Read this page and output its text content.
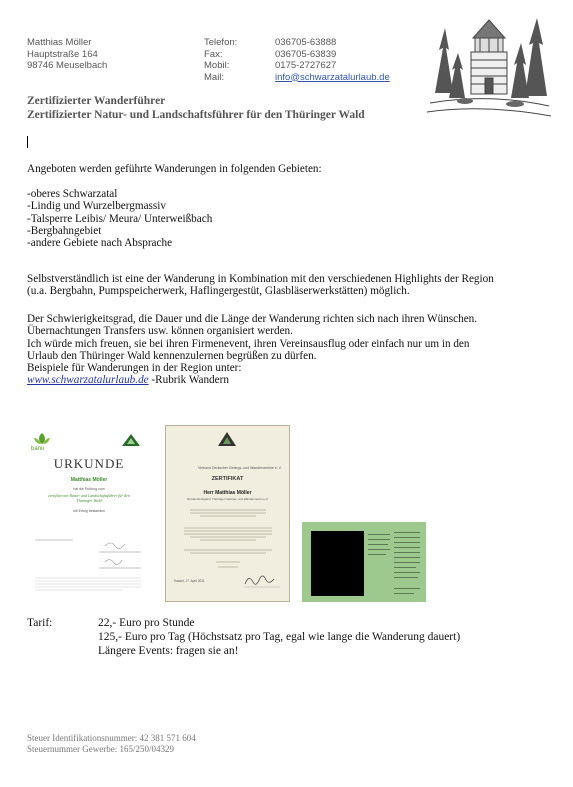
Matthias Möller
Hauptstraße 164
98746 Meuselbach
Telefon:
Fax:
Mobil:
Mail:
036705-63888
036705-63839
0175-2727627
info@schwarzatalurlaub.de
Zertifizierter Wanderführer
Zertifizierter Natur- und Landschaftsführer für den Thüringer Wald
Angeboten werden geführte Wanderungen in folgenden Gebieten:

-oberes Schwarzatal

-Lindig und Wurzelbergmassiv

-Talsperre Leibis/ Meura/ Unterweißbach

-Bergbahngebiet

-andere Gebiete nach Absprache

Selbstverständlich ist eine der Wanderung in Kombination mit den verschiedenen Highlights der Region

(u.a. Bergbahn, Pumpspeicherwerk, Haflingergestüt, Glasbläserwerkstätten) möglich.

Der Schwierigkeitsgrad, die Dauer und die Länge der Wanderung richten sich nach ihren Wünschen.

Übernachtungen Transfers usw. können organisiert werden.

Ich würde mich freuen, sie bei ihren Firmenevent, ihren Vereinsausflug oder einfach nur um in den

Urlaub den Thüringer Wald kennenzulernen begrüßen zu dürfen.

Beispiele für Wanderungen in der Region unter:

www.schwarzatalurlaub.de -Rubrik Wandern

banu
URKUNDE
Matthias Möller
hat die Prüfung zum
zertifizierten Natur- und Landschaftsführer für den Thüringer Wald
mit Erfolg bestanden
Verband Deutscher Gebirgs- und Wandervereine e. V.
ZERTIFIKAT
Herr Matthias Möller
Vorstandsmitglied, Thüringer Gebirgs- und Wanderverein e.V.
Kassel, 17. April 2011
Tarif:	22,- Euro pro Stunde
125,- Euro pro Tag (Höchstsatz pro Tag, egal wie lange die Wanderung dauert)
Längere Events: fragen sie an!
Steuer Identifikationsnummer: 42 381 571 604
Steuernummer Gewerbe: 165/250/04329
